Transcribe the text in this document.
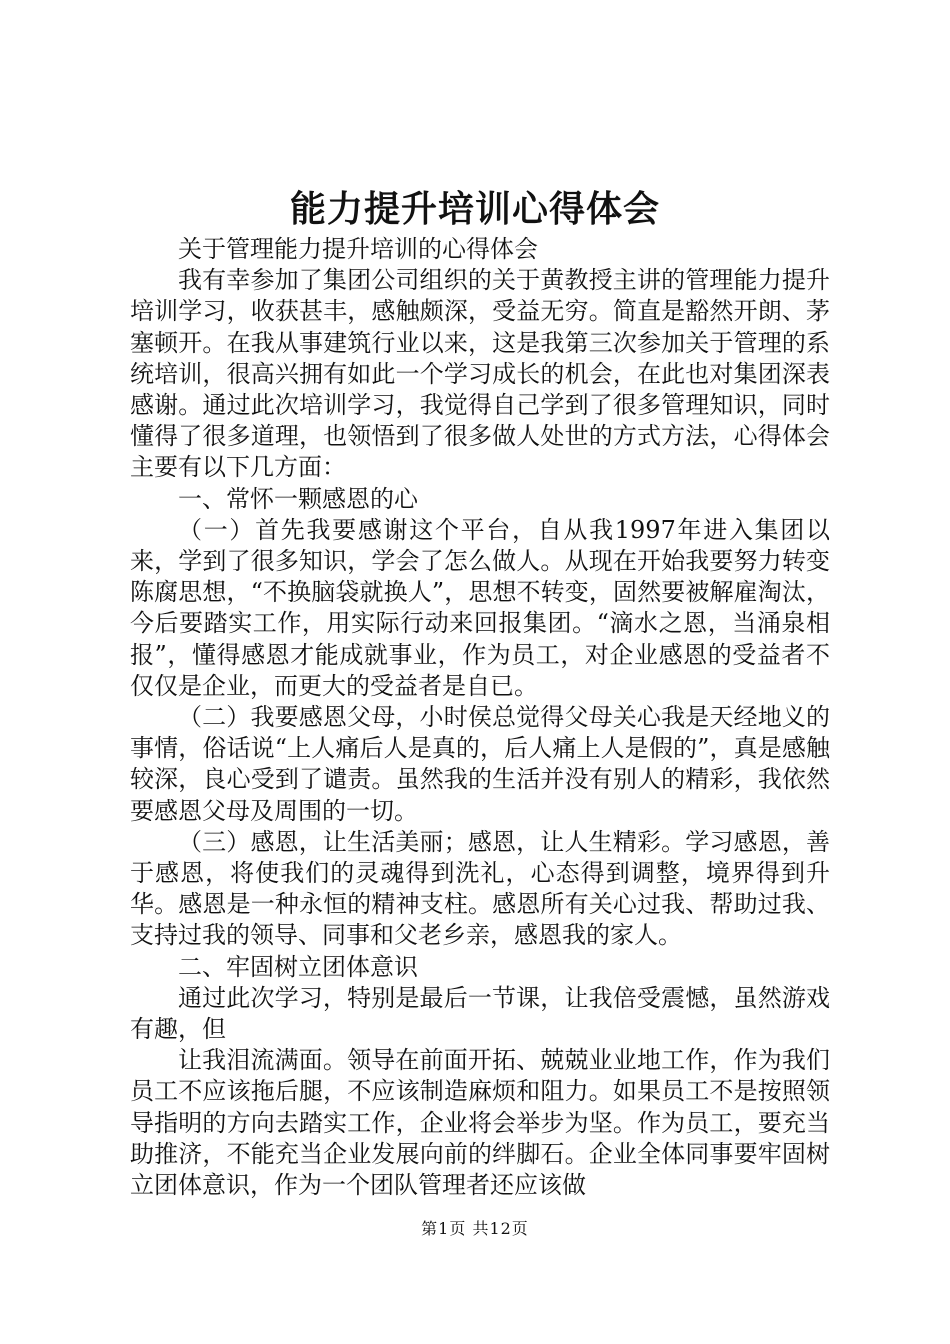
能力提升培训心得体会

关于管理能力提升培训的心得体会

我有幸参加了集团公司组织的关于黄教授主讲的管理能力提升培训学习，收获甚丰，感触颇深，受益无穷。简直是豁然开朗、茅塞顿开。在我从事建筑行业以来，这是我第三次参加关于管理的系统培训，很高兴拥有如此一个学习成长的机会，在此也对集团深表感谢。通过此次培训学习，我觉得自己学到了很多管理知识，同时懂得了很多道理，也领悟到了很多做人处世的方式方法，心得体会主要有以下几方面：

一、常怀一颗感恩的心

（一）首先我要感谢这个平台，自从我1997年进入集团以来，学到了很多知识，学会了怎么做人。从现在开始我要努力转变陈腐思想，“不换脑袋就换人”，思想不转变，固然要被解雇淘汰，今后要踏实工作，用实际行动来回报集团。“滴水之恩，当涌泉相报”，懂得感恩才能成就事业，作为员工，对企业感恩的受益者不仅仅是企业，而更大的受益者是自已。

（二）我要感恩父母，小时侯总觉得父母关心我是天经地义的事情，俗话说“上人痛后人是真的，后人痛上人是假的”，真是感触较深，良心受到了谴责。虽然我的生活并没有别人的精彩，我依然要感恩父母及周围的一切。

（三）感恩，让生活美丽；感恩，让人生精彩。学习感恩，善于感恩，将使我们的灵魂得到洗礼，心态得到调整，境界得到升华。感恩是一种永恒的精神支柱。感恩所有关心过我、帮助过我、支持过我的领导、同事和父老乡亲，感恩我的家人。

二、牢固树立团体意识

通过此次学习，特别是最后一节课，让我倍受震憾，虽然游戏有趣，但

让我泪流满面。领导在前面开拓、兢兢业业地工作，作为我们员工不应该拖后腿，不应该制造麻烦和阻力。如果员工不是按照领导指明的方向去踏实工作，企业将会举步为坚。作为员工，要充当助推济，不能充当企业发展向前的绊脚石。企业全体同事要牢固树立团体意识，作为一个团队管理者还应该做

第1页 共12页
